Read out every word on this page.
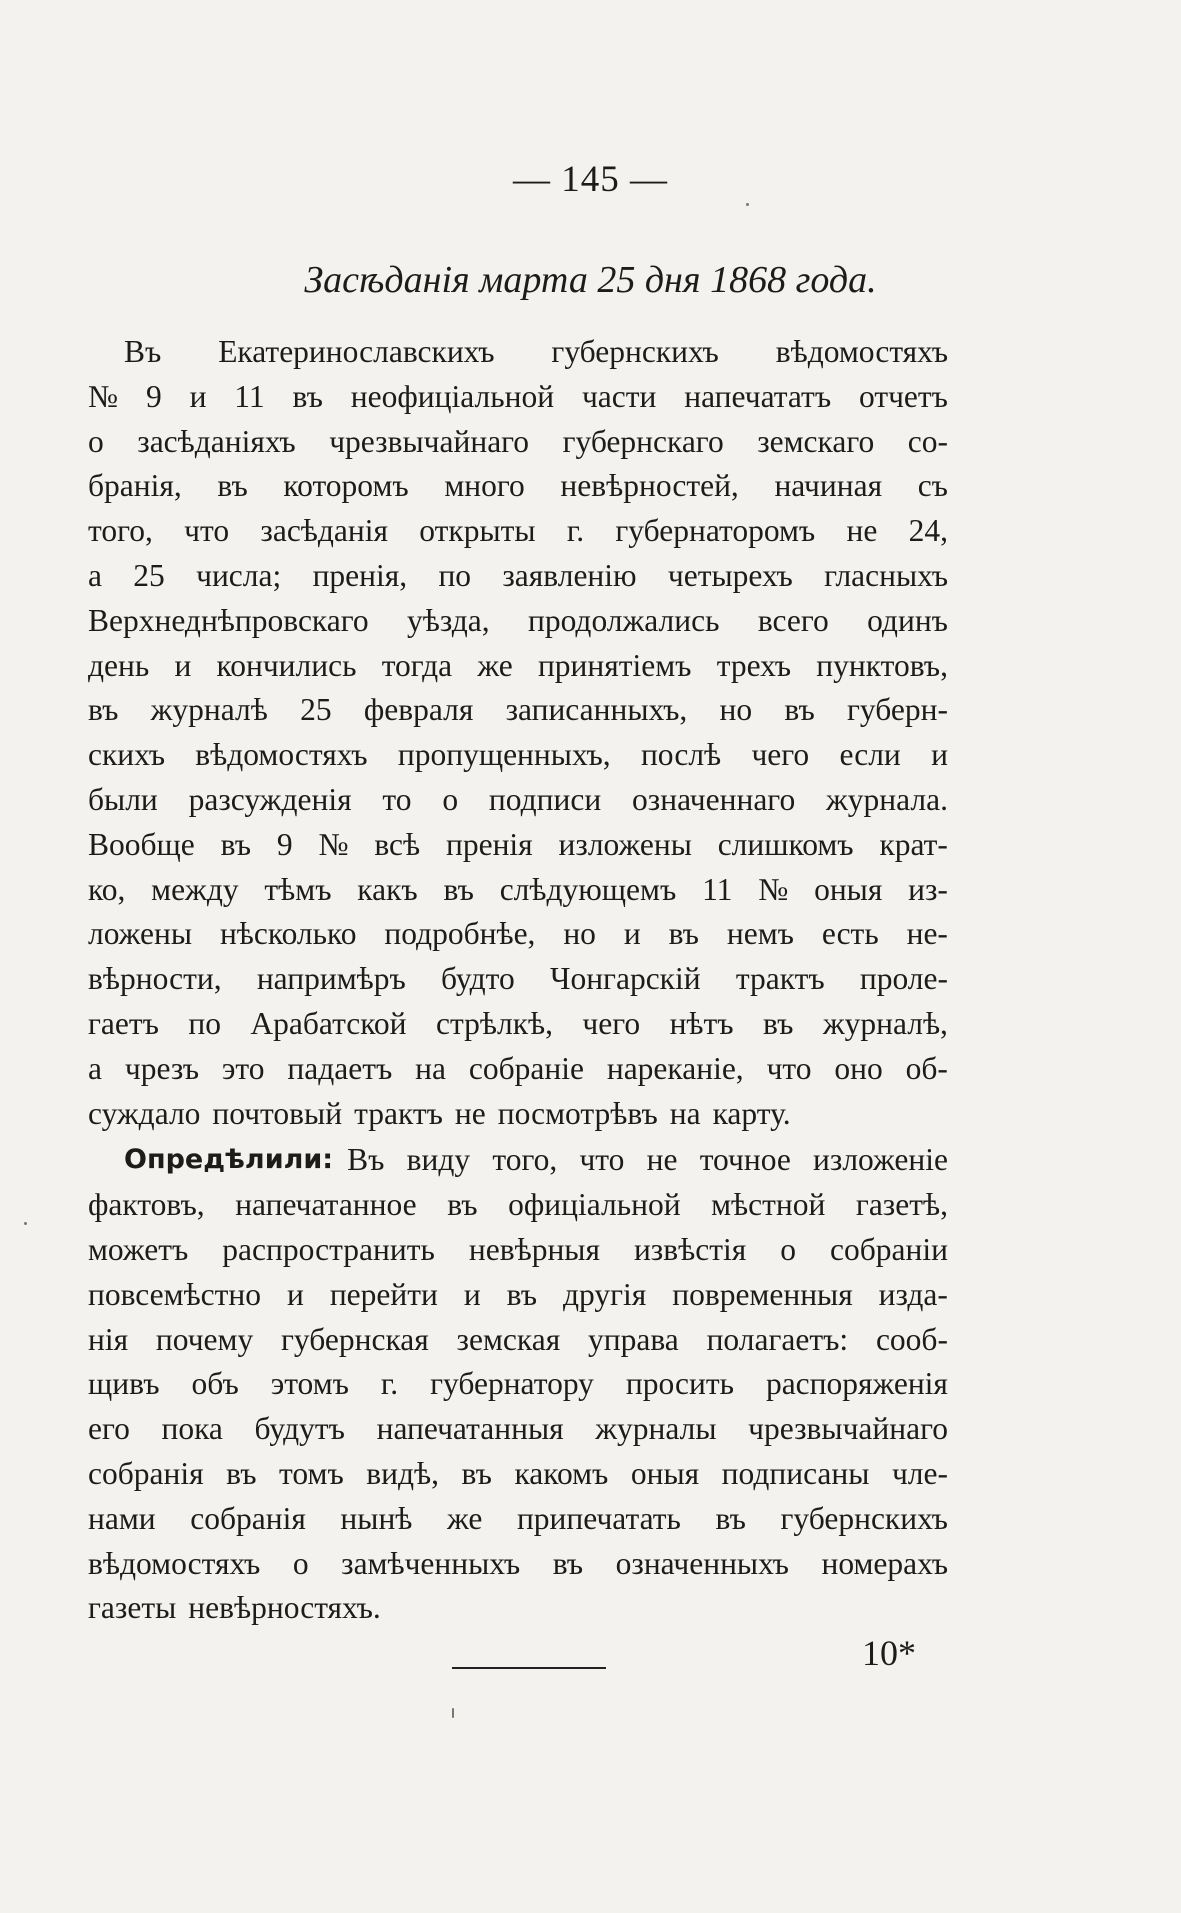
— 145 —
Засѣданія марта 25 дня 1868 года.
Въ Екатеринославскихъ губернскихъ вѣдомостяхъ
№ 9 и 11 въ неофиціальной части напечататъ отчетъ
о засѣданіяхъ чрезвычайнаго губернскаго земскаго со-
бранія, въ которомъ много невѣрностей, начиная съ
того, что засѣданія открыты г. губернаторомъ не 24,
а 25 числа; пренія, по заявленію четырехъ гласныхъ
Верхнеднѣпровскаго уѣзда, продолжались всего одинъ
день и кончились тогда же принятіемъ трехъ пунктовъ,
въ журналѣ 25 февраля записанныхъ, но въ губерн-
скихъ вѣдомостяхъ пропущенныхъ, послѣ чего если и
были разсужденія то о подписи означеннаго журнала.
Вообще въ 9 № всѣ пренія изложены слишкомъ крат-
ко, между тѣмъ какъ въ слѣдующемъ 11 № оныя из-
ложены нѣсколько подробнѣе, но и въ немъ есть не-
вѣрности, напримѣръ будто Чонгарскій трактъ пролe-
гаетъ по Арабатской стрѣлкѣ, чего нѣтъ въ журналѣ,
а чрезъ это падаетъ на собраніе нареканіе, что оно об-
суждало почтовый трактъ не посмотрѣвъ на карту.
Опредѣлили: Въ виду того, что не точное изложеніе
фактовъ, напечатанное въ офиціальной мѣстной газетѣ,
можетъ распространить невѣрныя извѣстія о собраніи
повсемѣстно и перейти и въ другія повременныя изда-
нія почему губернская земская управа полагаетъ: сооб-
щивъ объ этомъ г. губернатору просить распоряженія
его пока будутъ напечатанныя журналы чрезвычайнаго
собранія въ томъ видѣ, въ какомъ оныя подписаны чле-
нами собранія нынѣ же припечатать въ губернскихъ
вѣдомостяхъ о замѣченныхъ въ означенныхъ номерахъ
газеты невѣрностяхъ.
10*
